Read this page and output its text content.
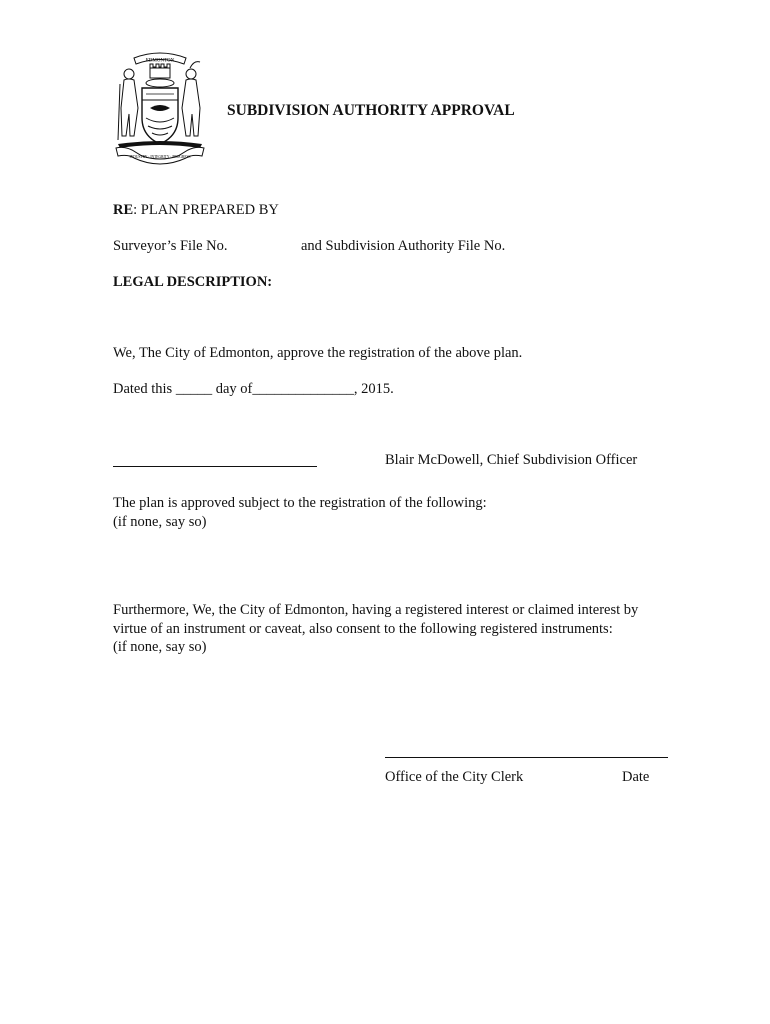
EDMONTON
INDUSTRY · INTEGRITY · PROGRESS
SUBDIVISION AUTHORITY APPROVAL
RE: PLAN PREPARED BY
Surveyor’s File No.	and Subdivision Authority File No.
LEGAL DESCRIPTION:
We, The City of Edmonton, approve the registration of the above plan.
Dated this _____ day of______________, 2015.
Blair McDowell, Chief Subdivision Officer
The plan is approved subject to the registration of the following:
(if none, say so)
Furthermore, We, the City of Edmonton, having a registered interest or claimed interest by
virtue of an instrument or caveat, also consent to the following registered instruments:
(if none, say so)
Office of the City Clerk	Date
